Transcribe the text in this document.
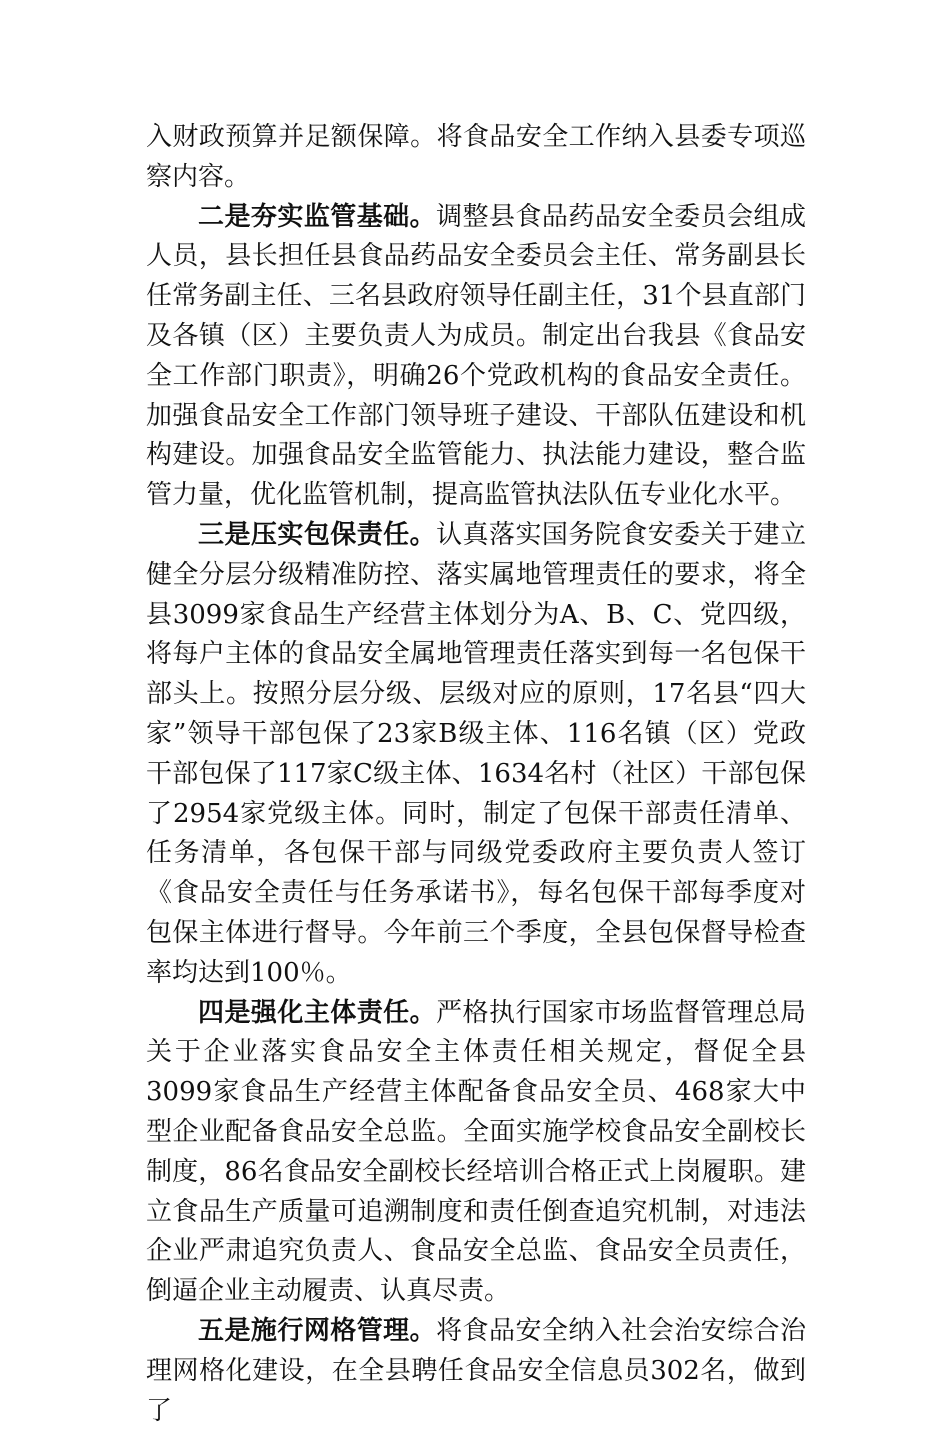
入财政预算并足额保障。将食品安全工作纳入县委专项巡察内容。

二是夯实监管基础。调整县食品药品安全委员会组成人员，县长担任县食品药品安全委员会主任、常务副县长任常务副主任、三名县政府领导任副主任，31个县直部门及各镇（区）主要负责人为成员。制定出台我县《食品安全工作部门职责》，明确26个党政机构的食品安全责任。加强食品安全工作部门领导班子建设、干部队伍建设和机构建设。加强食品安全监管能力、执法能力建设，整合监管力量，优化监管机制，提高监管执法队伍专业化水平。

三是压实包保责任。认真落实国务院食安委关于建立健全分层分级精准防控、落实属地管理责任的要求，将全县3099家食品生产经营主体划分为A、B、C、党四级，将每户主体的食品安全属地管理责任落实到每一名包保干部头上。按照分层分级、层级对应的原则，17名县“四大家”领导干部包保了23家B级主体、116名镇（区）党政干部包保了117家C级主体、1634名村（社区）干部包保了2954家党级主体。同时，制定了包保干部责任清单、任务清单，各包保干部与同级党委政府主要负责人签订《食品安全责任与任务承诺书》，每名包保干部每季度对包保主体进行督导。今年前三个季度，全县包保督导检查率均达到100％。

四是强化主体责任。严格执行国家市场监督管理总局关于企业落实食品安全主体责任相关规定，督促全县3099家食品生产经营主体配备食品安全员、468家大中型企业配备食品安全总监。全面实施学校食品安全副校长制度，86名食品安全副校长经培训合格正式上岗履职。建立食品生产质量可追溯制度和责任倒查追究机制，对违法企业严肃追究负责人、食品安全总监、食品安全员责任，倒逼企业主动履责、认真尽责。

五是施行网格管理。将食品安全纳入社会治安综合治理网格化建设，在全县聘任食品安全信息员302名，做到了
